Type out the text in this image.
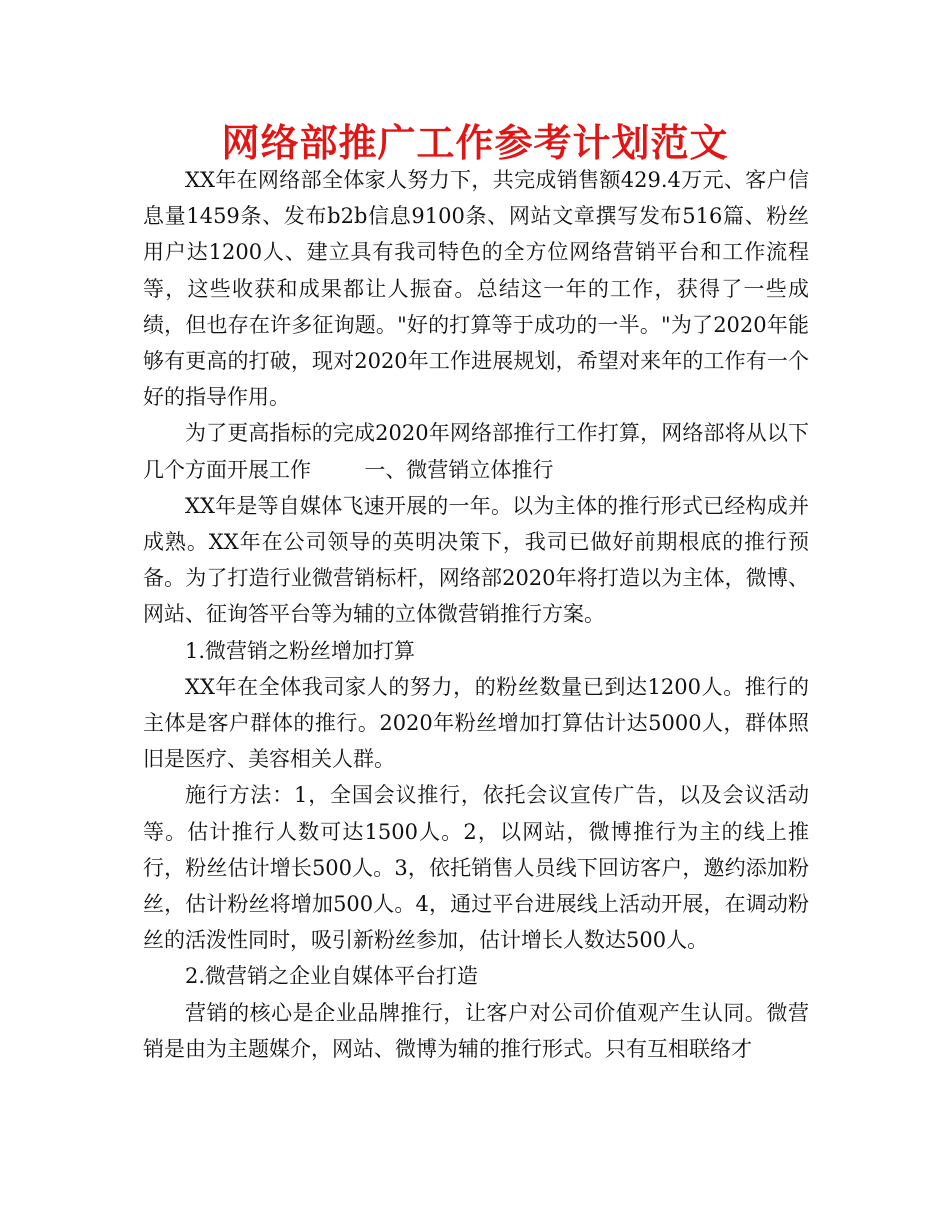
网络部推广工作参考计划范文

XX年在网络部全体家人努力下，共完成销售额429.4万元、客户信息量1459条、发布b2b信息9100条、网站文章撰写发布516篇、粉丝用户达1200人、建立具有我司特色的全方位网络营销平台和工作流程等，这些收获和成果都让人振奋。总结这一年的工作，获得了一些成绩，但也存在许多征询题。"好的打算等于成功的一半。"为了2020年能够有更高的打破，现对2020年工作进展规划，希望对来年的工作有一个好的指导作用。

为了更高指标的完成2020年网络部推行工作打算，网络部将从以下几个方面开展工作	一、微营销立体推行

XX年是等自媒体飞速开展的一年。以为主体的推行形式已经构成并成熟。XX年在公司领导的英明决策下，我司已做好前期根底的推行预备。为了打造行业微营销标杆，网络部2020年将打造以为主体，微博、网站、征询答平台等为辅的立体微营销推行方案。

1.微营销之粉丝增加打算

XX年在全体我司家人的努力，的粉丝数量已到达1200人。推行的主体是客户群体的推行。2020年粉丝增加打算估计达5000人，群体照旧是医疗、美容相关人群。

施行方法：1，全国会议推行，依托会议宣传广告，以及会议活动等。估计推行人数可达1500人。2，以网站，微博推行为主的线上推行，粉丝估计增长500人。3，依托销售人员线下回访客户，邀约添加粉丝，估计粉丝将增加500人。4，通过平台进展线上活动开展，在调动粉丝的活泼性同时，吸引新粉丝参加，估计增长人数达500人。

2.微营销之企业自媒体平台打造

营销的核心是企业品牌推行，让客户对公司价值观产生认同。微营销是由为主题媒介，网站、微博为辅的推行形式。只有互相联络才
